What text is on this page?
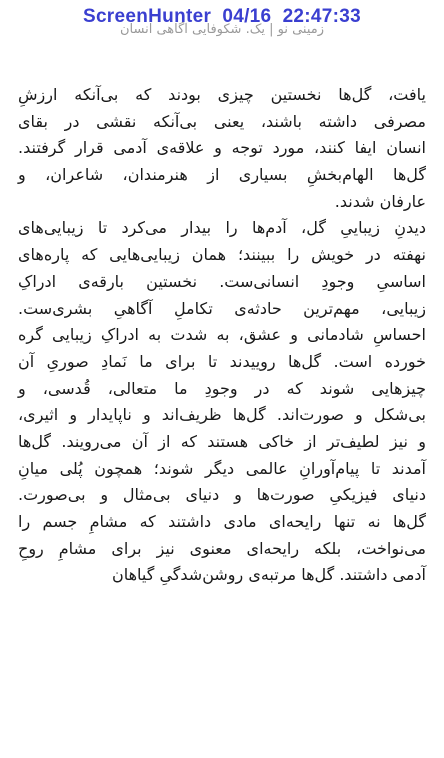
ScreenHunter 04/16 22:47:33
زمینی نو | یک. شکوفایی آگاهی انسان
یافت، گل‌ها نخستین چیزی بودند که بی‌آنکه ارزشِ
مصرفی داشته باشند، یعنی بی‌آنکه نقشی در بقای
انسان ایفا کنند، مورد توجه و علاقه‌ی آدمی قرار گرفتند.
گل‌ها الهام‌بخشِ بسیاری از هنرمندان، شاعران، و
عارفان شدند.
دیدنِ زیباییِ گل، آدم‌ها را بیدار می‌کرد تا زیبایی‌های
نهفته در خویش را ببینند؛ همان زیبایی‌هایی که پاره‌های
اساسیِ وجودِ انسانی‌ست. نخستین بارقه‌ی ادراکِ
زیبایی، مهم‌ترین حادثه‌ی تکاملِ آگاهیِ بشری‌ست.
احساسِ شادمانی و عشق، به شدت به ادراکِ زیبایی گره
خورده است. گل‌ها روییدند تا برای ما نَمادِ صوریِ آن
چیزهایی شوند که در وجودِ ما متعالی، قُدسی، و
بی‌شکل و صورت‌اند. گل‌ها ظریف‌اند و ناپایدار و اثیری،
و نیز لطیف‌تر از خاکی هستند که از آن می‌رویند. گل‌ها
آمدند تا پیام‌آورانِ عالمی دیگر شوند؛ همچون پُلی میانِ
دنیای فیزیکیِ صورت‌ها و دنیای بی‌مثال و بی‌صورت.
گل‌ها نه تنها رایحه‌ای مادی داشتند که مشامِ جسم را
می‌نواخت، بلکه رایحه‌ای معنوی نیز برای مشامِ روحِ
آدمی داشتند. گل‌ها مرتبه‌ی روشن‌شدگیِ گیاهان
